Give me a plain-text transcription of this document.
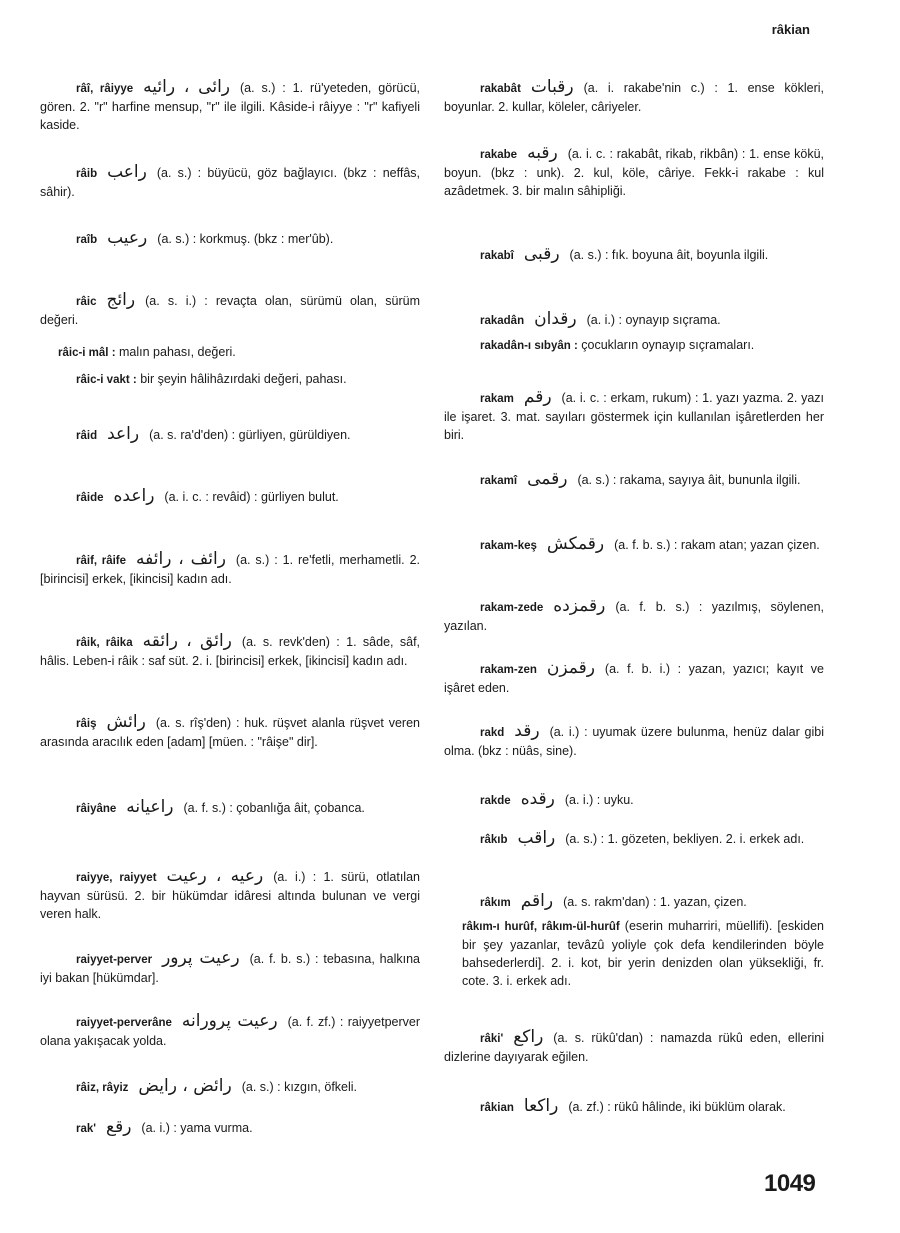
râkian

râî, râiyye راﺋﻰ ، راﺋﻴﻪ (a. s.) : 1. rü'yeteden, görücü, gören. 2. "r" harfine mensup, "r" ile ilgili. Kâside-i râiyye : "r" kafiyeli kaside.

râib راعب (a. s.) : büyücü, göz bağlayıcı. (bkz : neffâs, sâhir).

raîb رعيب (a. s.) : korkmuş. (bkz : mer'ûb).

râic رائج (a. s. i.) : revaçta olan, sürümü olan, sürüm değeri.

râic-i mâl : malın pahası, değeri.

râic-i vakt : bir şeyin hâlihâzırdaki değeri, pahası.

râid راعد (a. s. ra'd'den) : gürliyen, gürüldiyen.

râide راعده (a. i. c. : revâid) : gürliyen bulut.

râif, râife رائف ، رائفه (a. s.) : 1. re'fetli, merhametli. 2. [birincisi] erkek, [ikincisi] kadın adı.

râik, râika رائق ، رائقه (a. s. revk'den) : 1. sâde, sâf, hâlis. Leben-i râik : saf süt. 2. i. [birincisi] erkek, [ikincisi] kadın adı.

râiş رائش (a. s. rîş'den) : huk. rüşvet alanla rüşvet veren arasında aracılık eden [adam] [müen. : "râişe" dir].

râiyâne راعيانه (a. f. s.) : çobanlığa âit, çobanca.

raiyye, raiyyet رعيه ، رعيت (a. i.) : 1. sürü, otlatılan hayvan sürüsü. 2. bir hükümdar idâresi altında bulunan ve vergi veren halk.

raiyyet-perver رعيت پرور (a. f. b. s.) : tebasına, halkına iyi bakan [hükümdar].

raiyyet-perverâne رعيت پرورانه (a. f. zf.) : raiyyetperver olana yakışacak yolda.

râiz, râyiz رائض ، رايض (a. s.) : kızgın, öfkeli.

rak' رقع (a. i.) : yama vurma.

rakabât رقبات (a. i. rakabe'nin c.) : 1. ense kökleri, boyunlar. 2. kullar, köleler, câriyeler.

rakabe رقبه (a. i. c. : rakabât, rikab, rikbân) : 1. ense kökü, boyun. (bkz : unk). 2. kul, köle, câriye. Fekk-i rakabe : kul azâdetmek. 3. bir malın sâhipliği.

rakabî رقبى (a. s.) : fık. boyuna âit, boyunla ilgili.

rakadân رقدان (a. i.) : oynayıp sıçrama.

rakadân-ı sıbyân : çocukların oynayıp sıçramaları.

rakam رقم (a. i. c. : erkam, rukum) : 1. yazı yazma. 2. yazı ile işaret. 3. mat. sayıları göstermek için kullanılan işâretlerden her biri.

rakamî رقمى (a. s.) : rakama, sayıya âit, bununla ilgili.

rakam-keş رقمكش (a. f. b. s.) : rakam atan; yazan çizen.

rakam-zede رقمزده (a. f. b. s.) : yazılmış, söylenen, yazılan.

rakam-zen رقمزن (a. f. b. i.) : yazan, yazıcı; kayıt ve işâret eden.

rakd رقد (a. i.) : uyumak üzere bulunma, henüz dalar gibi olma. (bkz : nüâs, sine).

rakde رقده (a. i.) : uyku.

râkıb راقب (a. s.) : 1. gözeten, bekliyen. 2. i. erkek adı.

râkım راقم (a. s. rakm'dan) : 1. yazan, çizen.

râkım-ı hurûf, râkım-ül-hurûf (eserin muharriri, müellifi). [eskiden bir şey yazanlar, tevâzû yoliyle çok defa kendilerinden böyle bahsederlerdi]. 2. i. kot, bir yerin denizden olan yüksekliği, fr. cote. 3. i. erkek adı.

râki' راكع (a. s. rükû'dan) : namazda rükû eden, ellerini dizlerine dayıyarak eğilen.

râkian راكعا (a. zf.) : rükû hâlinde, iki büklüm olarak.

1049
